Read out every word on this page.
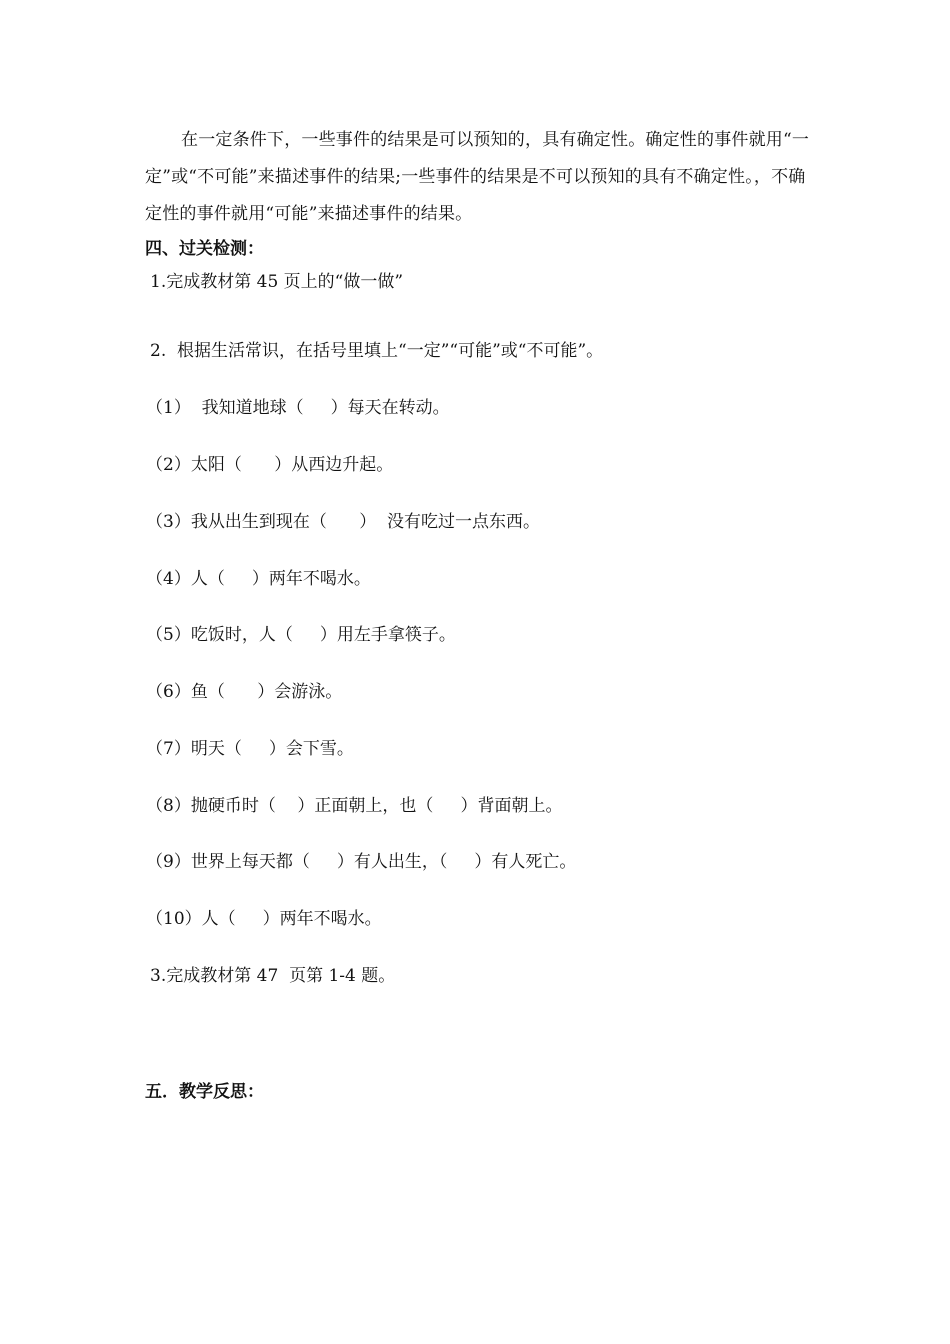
在一定条件下，一些事件的结果是可以预知的，具有确定性。确定性的事件就用“一定”或“不可能”来描述事件的结果;一些事件的结果是不可以预知的具有不确定性。，不确定性的事件就用“可能”来描述事件的结果。

四、过关检测：
1.完成教材第 45 页上的“做一做”
2.  根据生活常识，在括号里填上“一定”“可能”或“不可能”。
（1）  我知道地球（     ）每天在转动。
（2）太阳（      ）从西边升起。
（3）我从出生到现在（      ）  没有吃过一点东西。
（4）人（     ）两年不喝水。
（5）吃饭时，人（     ）用左手拿筷子。
（6）鱼（      ）会游泳。
（7）明天（     ）会下雪。
（8）抛硬币时（    ）正面朝上，也（     ）背面朝上。
（9）世界上每天都（     ）有人出生，（     ）有人死亡。
（10）人（     ）两年不喝水。
3.完成教材第 47  页第 1-4 题。
五．教学反思：
